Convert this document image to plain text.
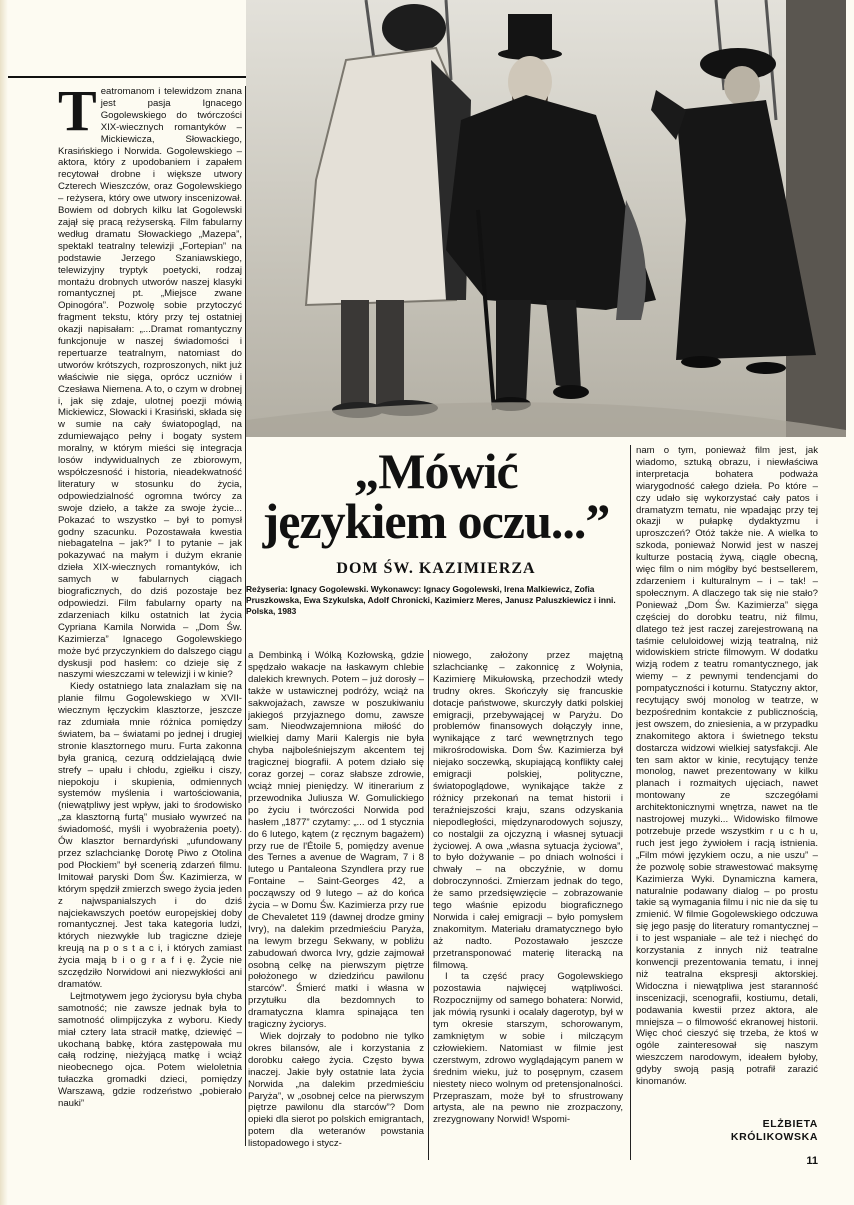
Teatromanom i telewidzom znana jest pasja Ignacego Gogolewskiego do twórczości XIX-wiecznych romantyków – Mickiewicza, Słowackiego, Krasińskiego i Norwida. Gogolewskiego – aktora, który z upodobaniem i zapałem recytował drobne i większe utwory Czterech Wieszczów, oraz Gogolewskiego – reżysera, który owe utwory inscenizował. Bowiem od dobrych kilku lat Gogolewski zajął się pracą reżyserską. Film fabularny według dramatu Słowackiego „Mazepa”, spektakl teatralny telewizji „Fortepian” na podstawie Jerzego Szaniawskiego, telewizyjny tryptyk poetycki, rodzaj montażu drobnych utworów naszej klasyki romantycznej pt. „Miejsce zwane Opinogóra”. Pozwolę sobie przytoczyć fragment tekstu, który przy tej ostatniej okazji napisałam: „...Dramat romantyczny funkcjonuje w naszej świadomości i repertuarze teatralnym, natomiast do utworów krótszych, rozproszonych, nikt już właściwie nie sięga, oprócz uczniów i Czesława Niemena. A to, o czym w drobnej i, jak się zdaje, ulotnej poezji mówią Mickiewicz, Słowacki i Krasiński, składa się w sumie na cały światopogląd, na zdumiewająco pełny i bogaty system moralny, w którym mieści się integracja losów indywidualnych ze zbiorowym, współczesność i historia, nieadekwatność literatury w stosunku do życia, odpowiedzialność ogromna twórcy za swoje dzieło, a także za swoje życie... Pokazać to wszystko – był to pomysł godny szacunku. Pozostawała kwestia niebagatelna – jak?” I to pytanie – jak pokazywać na małym i dużym ekranie dzieła XIX-wiecznych romantyków, ich samych w fabularnych ciągach biograficznych, do dziś pozostaje bez odpowiedzi. Film fabularny oparty na zdarzeniach kilku ostatnich lat życia Cypriana Kamila Norwida – „Dom Św. Kazimierza” Ignacego Gogolewskiego może być przyczynkiem do dalszego ciągu dyskusji pod hasłem: co dzieje się z naszymi wieszczami w telewizji i w kinie?

Kiedy ostatniego lata znalazłam się na planie filmu Gogolewskiego w XVII-wiecznym łęczyckim klasztorze, jeszcze raz zdumiała mnie różnica pomiędzy światem, ba – światami po jednej i drugiej stronie klasztornego muru. Furta zakonna była granicą, cezurą oddzielającą dwie strefy – upału i chłodu, zgiełku i ciszy, niepokoju i skupienia, odmiennych systemów myślenia i wartościowania, (niewątpliwy jest wpływ, jaki to środowisko „za klasztorną furtą” musiało wywrzeć na świadomość, myśli i wyobrażenia poety). Ów klasztor bernardyński „ufundowany przez szlachciankę Dorotę Piwo z Otolina pod Płockiem” był scenerią zdarzeń filmu. Imitował paryski Dom Św. Kazimierza, w którym spędził zmierzch swego życia jeden z najwspanialszych i do dziś najciekawszych poetów europejskiej doby romantycznej. Jest taka kategoria ludzi, których niezwykłe lub tragiczne dzieje kreują na p o s t a c i, i których zamiast życia mają b i o g r a f i ę. Życie nie szczędziło Norwidowi ani niezwykłości ani dramatów.

Lejtmotywem jego życiorysu była chyba samotność; nie zawsze jednak była to samotność olimpijczyka z wyboru. Kiedy miał cztery lata stracił matkę, dziewięć – ukochaną babkę, która zastępowała mu całą rodzinę, nieżyjącą matkę i wciąż nieobecnego ojca. Potem wieloletnia tułaczka gromadki dzieci, pomiędzy Warszawą, gdzie rodzeństwo „pobierało nauki”

„Mówić
językiem oczu...”
DOM ŚW. KAZIMIERZA
Reżyseria: Ignacy Gogolewski. Wykonawcy: Ignacy Gogolewski, Irena Malkiewicz, Zofia Pruszkowska, Ewa Szykulska, Adolf Chronicki, Kazimierz Meres, Janusz Paluszkiewicz i inni. Polska, 1983

a Dembinką i Wólką Kozłowską, gdzie spędzało wakacje na łaskawym chlebie dalekich krewnych. Potem – już dorosły – także w ustawicznej podróży, wciąż na sakwojażach, zawsze w poszukiwaniu jakiegoś przyjaznego domu, zawsze sam. Nieodwzajemniona miłość do wielkiej damy Marii Kalergis nie była chyba najboleśniejszym akcentem tej tragicznej biografii. A potem działo się coraz gorzej – coraz słabsze zdrowie, wciąż mniej pieniędzy. W itinerarium z przewodnika Juliusza W. Gomulickiego po życiu i twórczości Norwida pod hasłem „1877” czytamy: „... od 1 stycznia do 6 lutego, kątem (z ręcznym bagażem) przy rue de l'Étoile 5, pomiędzy avenue des Ternes a avenue de Wagram, 7 i 8 lutego u Pantaleona Szyndlera przy rue Fontaine – Saint-Georges 42, a począwszy od 9 lutego – aż do końca życia – w Domu Św. Kazimierza przy rue de Chevaletet 119 (dawnej drodze gminy Ivry), na dalekim przedmieściu Paryża, na lewym brzegu Sekwany, w pobliżu zabudowań dworca Ivry, gdzie zajmował osobną celkę na pierwszym piętrze położonego w dziedzińcu pawilonu starców”. Śmierć matki i własna w przytułku dla bezdomnych to dramatyczna klamra spinająca ten tragiczny życiorys.

Wiek dojrzały to podobno nie tylko okres bilansów, ale i korzystania z dorobku całego życia. Często bywa inaczej. Jakie były ostatnie lata życia Norwida „na dalekim przedmieściu Paryża”, w „osobnej celce na pierwszym piętrze pawilonu dla starców”? Dom opieki dla sierot po polskich emigrantach, potem dla weteranów powstania listopadowego i stycz-

niowego, założony przez majętną szlachciankę – zakonnicę z Wołynia, Kazimierę Mikułowską, przechodził wtedy trudny okres. Skończyły się francuskie dotacje państwowe, skurczyły datki polskiej emigracji, przebywającej w Paryżu. Do problemów finansowych dołączyły inne, wynikające z tarć wewnętrznych tego mikrośrodowiska. Dom Św. Kazimierza był niejako soczewką, skupiającą konflikty całej emigracji polskiej, polityczne, światopoglądowe, wynikające także z różnicy przekonań na temat historii i teraźniejszości kraju, szans odzyskania niepodległości, międzynarodowych sojuszy, co nostalgii za ojczyzną i własnej sytuacji życiowej. A owa „własna sytuacja życiowa”, to było dożywanie – po dniach wolności i chwały – na obczyźnie, w domu dobroczynności. Zmierzam jednak do tego, że samo przedsięwzięcie – zobrazowanie tego właśnie epizodu biograficznego Norwida i całej emigracji – było pomysłem znakomitym. Materiału dramatycznego było aż nadto. Pozostawało jeszcze przetransponować materię literacką na filmową.

I ta część pracy Gogolewskiego pozostawia najwięcej wątpliwości. Rozpocznijmy od samego bohatera: Norwid, jak mówią rysunki i ocalały dagerotyp, był w tym okresie starszym, schorowanym, zamkniętym w sobie i milczącym człowiekiem. Natomiast w filmie jest czerstwym, zdrowo wyglądającym panem w średnim wieku, już to posępnym, czasem niestety nieco wolnym od pretensjonalności. Przepraszam, może był to sfrustrowany artysta, ale na pewno nie zrozpaczony, zrezygnowany Norwid! Wspomi-

nam o tym, ponieważ film jest, jak wiadomo, sztuką obrazu, i niewłaściwa interpretacja bohatera podważa wiarygodność całego dzieła. Po które – czy udało się wykorzystać cały patos i dramatyzm tematu, nie wpadając przy tej okazji w pułapkę dydaktyzmu i uproszczeń? Otóż także nie. A wielka to szkoda, ponieważ Norwid jest w naszej kulturze postacią żywą, ciągle obecną, więc film o nim mógłby być bestsellerem, zdarzeniem i kulturalnym – i – tak! – społecznym. A dlaczego tak się nie stało? Ponieważ „Dom Św. Kazimierza” sięga częściej do dorobku teatru, niż filmu, dlatego też jest raczej zarejestrowaną na taśmie celuloidowej wizją teatralną, niż widowiskiem stricte filmowym. W dodatku wizją rodem z teatru romantycznego, jak wiemy – z pewnymi tendencjami do pompatyczności i koturnu. Statyczny aktor, recytujący swój monolog w teatrze, w bezpośrednim kontakcie z publicznością, jest owszem, do zniesienia, a w przypadku znakomitego aktora i świetnego tekstu dostarcza widzowi wielkiej satysfakcji. Ale ten sam aktor w kinie, recytujący tenże monolog, nawet prezentowany w kilku planach i rozmaitych ujęciach, nawet montowany ze szczegółami architektonicznymi wnętrza, nawet na tle nastrojowej muzyki... Widowisko filmowe potrzebuje przede wszystkim r u c h u, ruch jest jego żywiołem i racją istnienia. „Film mówi językiem oczu, a nie uszu” – że pozwolę sobie strawestować maksymę Kazimierza Wyki. Dynamiczna kamera, naturalnie podawany dialog – po prostu takie są wymagania filmu i nic nie da się tu zmienić. W filmie Gogolewskiego odczuwa się jego pasję do literatury romantycznej – i to jest wspaniałe – ale też i niechęć do korzystania z innych niż teatralne konwencji prezentowania tematu, i innej niż teatralna ekspresji aktorskiej. Widoczna i niewątpliwa jest staranność inscenizacji, scenografii, kostiumu, detali, podawania kwestii przez aktora, ale mniejsza – o filmowość ekranowej historii. Więc choć cieszyć się trzeba, że ktoś w ogóle zainteresował się naszym wieszczem narodowym, ideałem byłoby, gdyby swoją pasją potrafił zarazić kinomanów.

ELŻBIETA
KRÓLIKOWSKA
11
